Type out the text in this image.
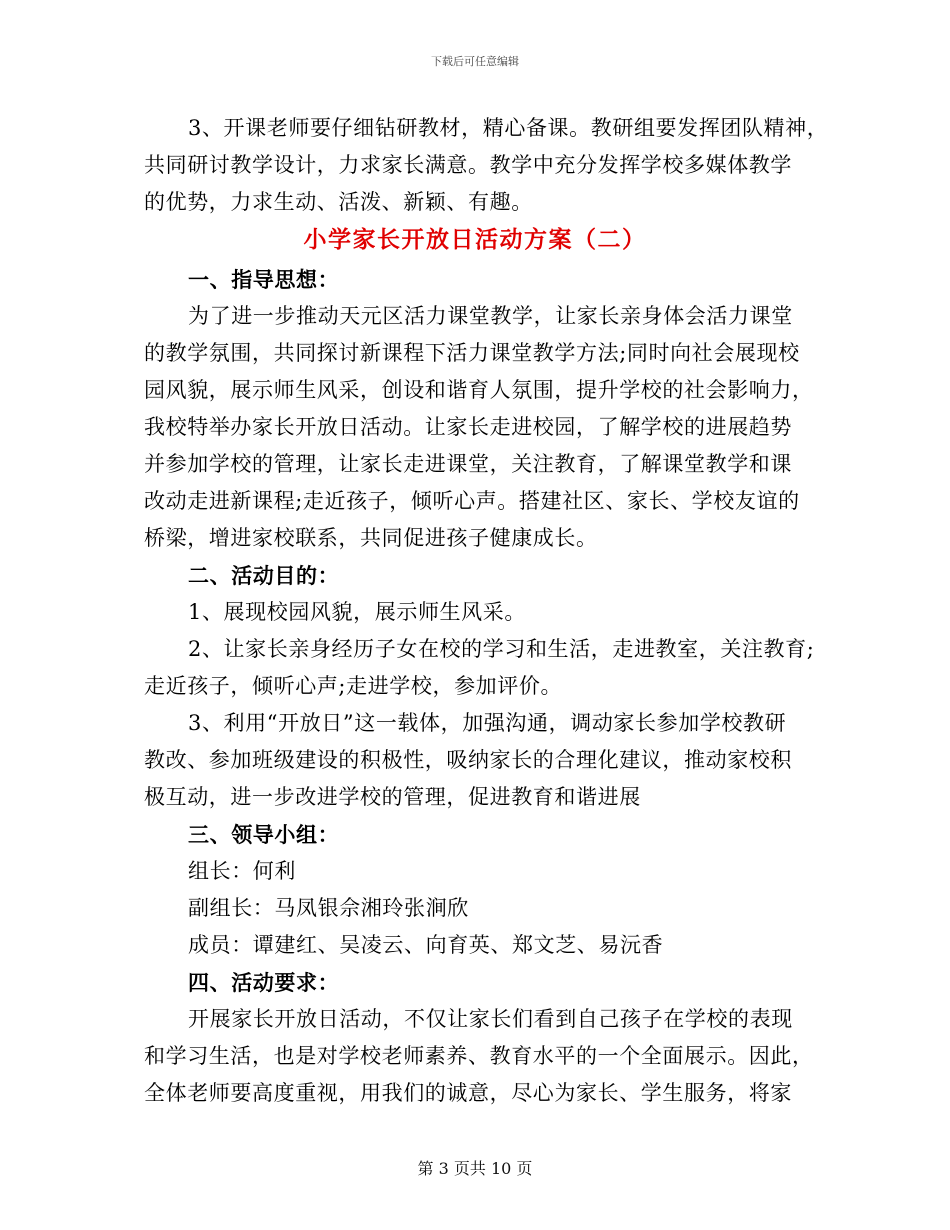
下载后可任意编辑
3、开课老师要仔细钻研教材，精心备课。教研组要发挥团队精神，
共同研讨教学设计，力求家长满意。教学中充分发挥学校多媒体教学
的优势，力求生动、活泼、新颖、有趣。
小学家长开放日活动方案（二）
一、指导思想：
为了进一步推动天元区活力课堂教学，让家长亲身体会活力课堂
的教学氛围，共同探讨新课程下活力课堂教学方法;同时向社会展现校
园风貌，展示师生风采，创设和谐育人氛围，提升学校的社会影响力，
我校特举办家长开放日活动。让家长走进校园，了解学校的进展趋势
并参加学校的管理，让家长走进课堂，关注教育，了解课堂教学和课
改动走进新课程;走近孩子，倾听心声。搭建社区、家长、学校友谊的
桥梁，增进家校联系，共同促进孩子健康成长。
二、活动目的：
1、展现校园风貌，展示师生风采。
2、让家长亲身经历子女在校的学习和生活，走进教室，关注教育;
走近孩子，倾听心声;走进学校，参加评价。
3、利用“开放日”这一载体，加强沟通，调动家长参加学校教研
教改、参加班级建设的积极性，吸纳家长的合理化建议，推动家校积
极互动，进一步改进学校的管理，促进教育和谐进展
三、领导小组：
组长：何利
副组长：马凤银佘湘玲张涧欣
成员：谭建红、吴凌云、向育英、郑文芝、易沅香
四、活动要求：
开展家长开放日活动，不仅让家长们看到自己孩子在学校的表现
和学习生活，也是对学校老师素养、教育水平的一个全面展示。因此，
全体老师要高度重视，用我们的诚意，尽心为家长、学生服务，将家
第 3 页共 10 页
